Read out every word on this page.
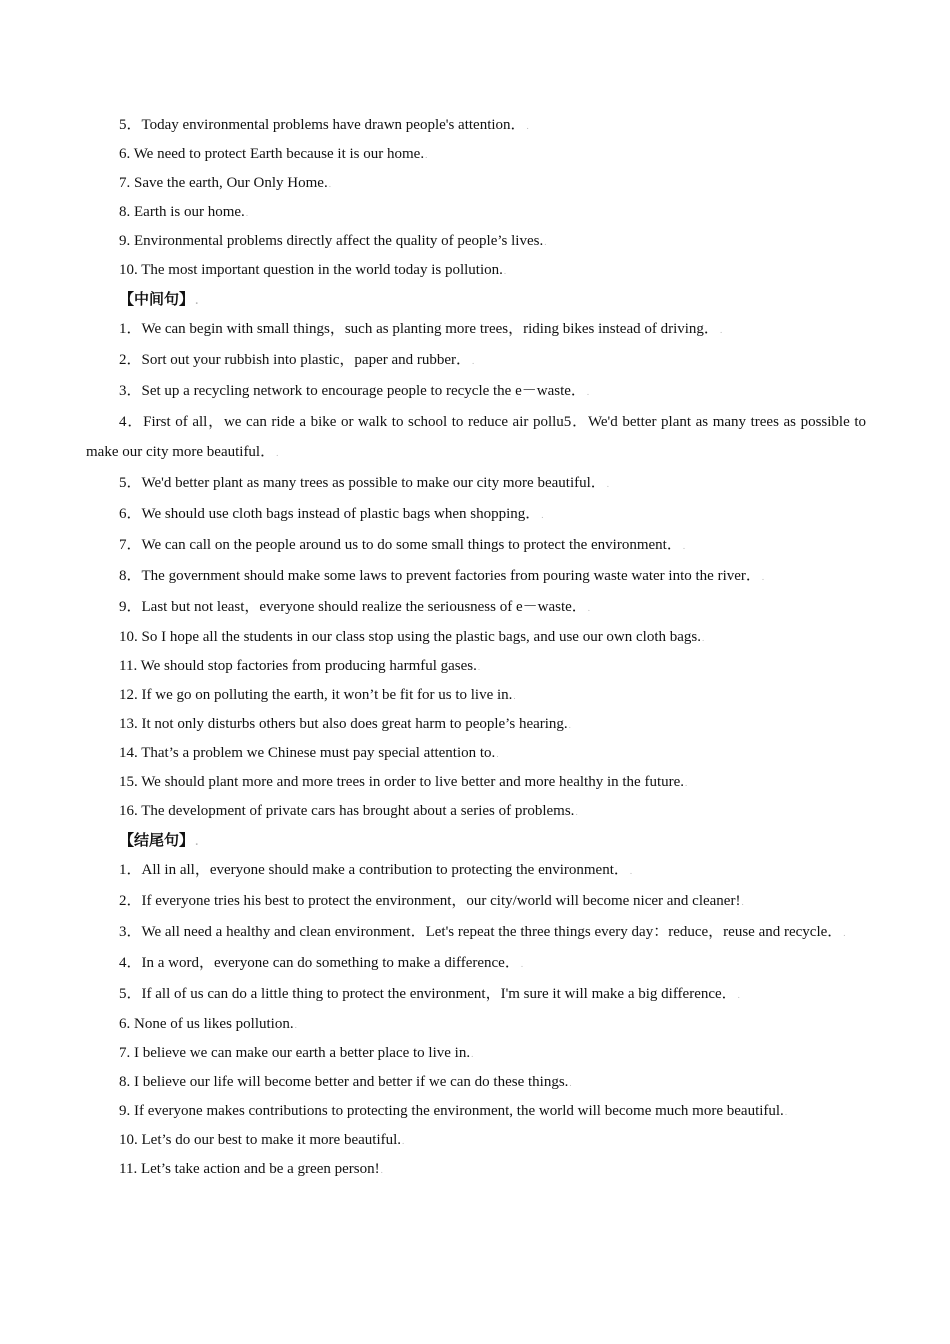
5．Today environmental problems have drawn people's attention．.
6. We need to protect Earth because it is our home..
7. Save the earth, Our Only Home..
8. Earth is our home..
9. Environmental problems directly affect the quality of people’s lives..
10. The most important question in the world today is pollution..
【中间句】.
1．We can begin with small things，such as planting more trees，riding bikes instead of driving．.
2．Sort out your rubbish into plastic，paper and rubber．.
3．Set up a recycling network to encourage people to recycle the e－waste．.
4．First of all，we can ride a bike or walk to school to reduce air pollu5．We'd better plant as many trees as possible to make our city more beautiful．.
5．We'd better plant as many trees as possible to make our city more beautiful．.
6．We should use cloth bags instead of plastic bags when shopping．.
7．We can call on the people around us to do some small things to protect the environment．.
8．The government should make some laws to prevent factories from pouring waste water into the river．.
9．Last but not least，everyone should realize the seriousness of e－waste．.
10. So I hope all the students in our class stop using the plastic bags, and use our own cloth bags..
11. We should stop factories from producing harmful gases..
12. If we go on polluting the earth, it won’t be fit for us to live in..
13. It not only disturbs others but also does great harm to people’s hearing..
14. That’s a problem we Chinese must pay special attention to..
15. We should plant more and more trees in order to live better and more healthy in the future..
16. The development of private cars has brought about a series of problems..
【结尾句】.
1．All in all，everyone should make a contribution to protecting the environment．.
2．If everyone tries his best to protect the environment，our city/world will become nicer and cleaner!.
3．We all need a healthy and clean environment．Let's repeat the three things every day：reduce，reuse and recycle．.
4．In a word，everyone can do something to make a difference．.
5．If all of us can do a little thing to protect the environment，I'm sure it will make a big difference．.
6. None of us likes pollution..
7. I believe we can make our earth a better place to live in..
8. I believe our life will become better and better if we can do these things..
9. If everyone makes contributions to protecting the environment, the world will become much more beautiful..
10. Let’s do our best to make it more beautiful..
11. Let’s take action and be a green person!.
